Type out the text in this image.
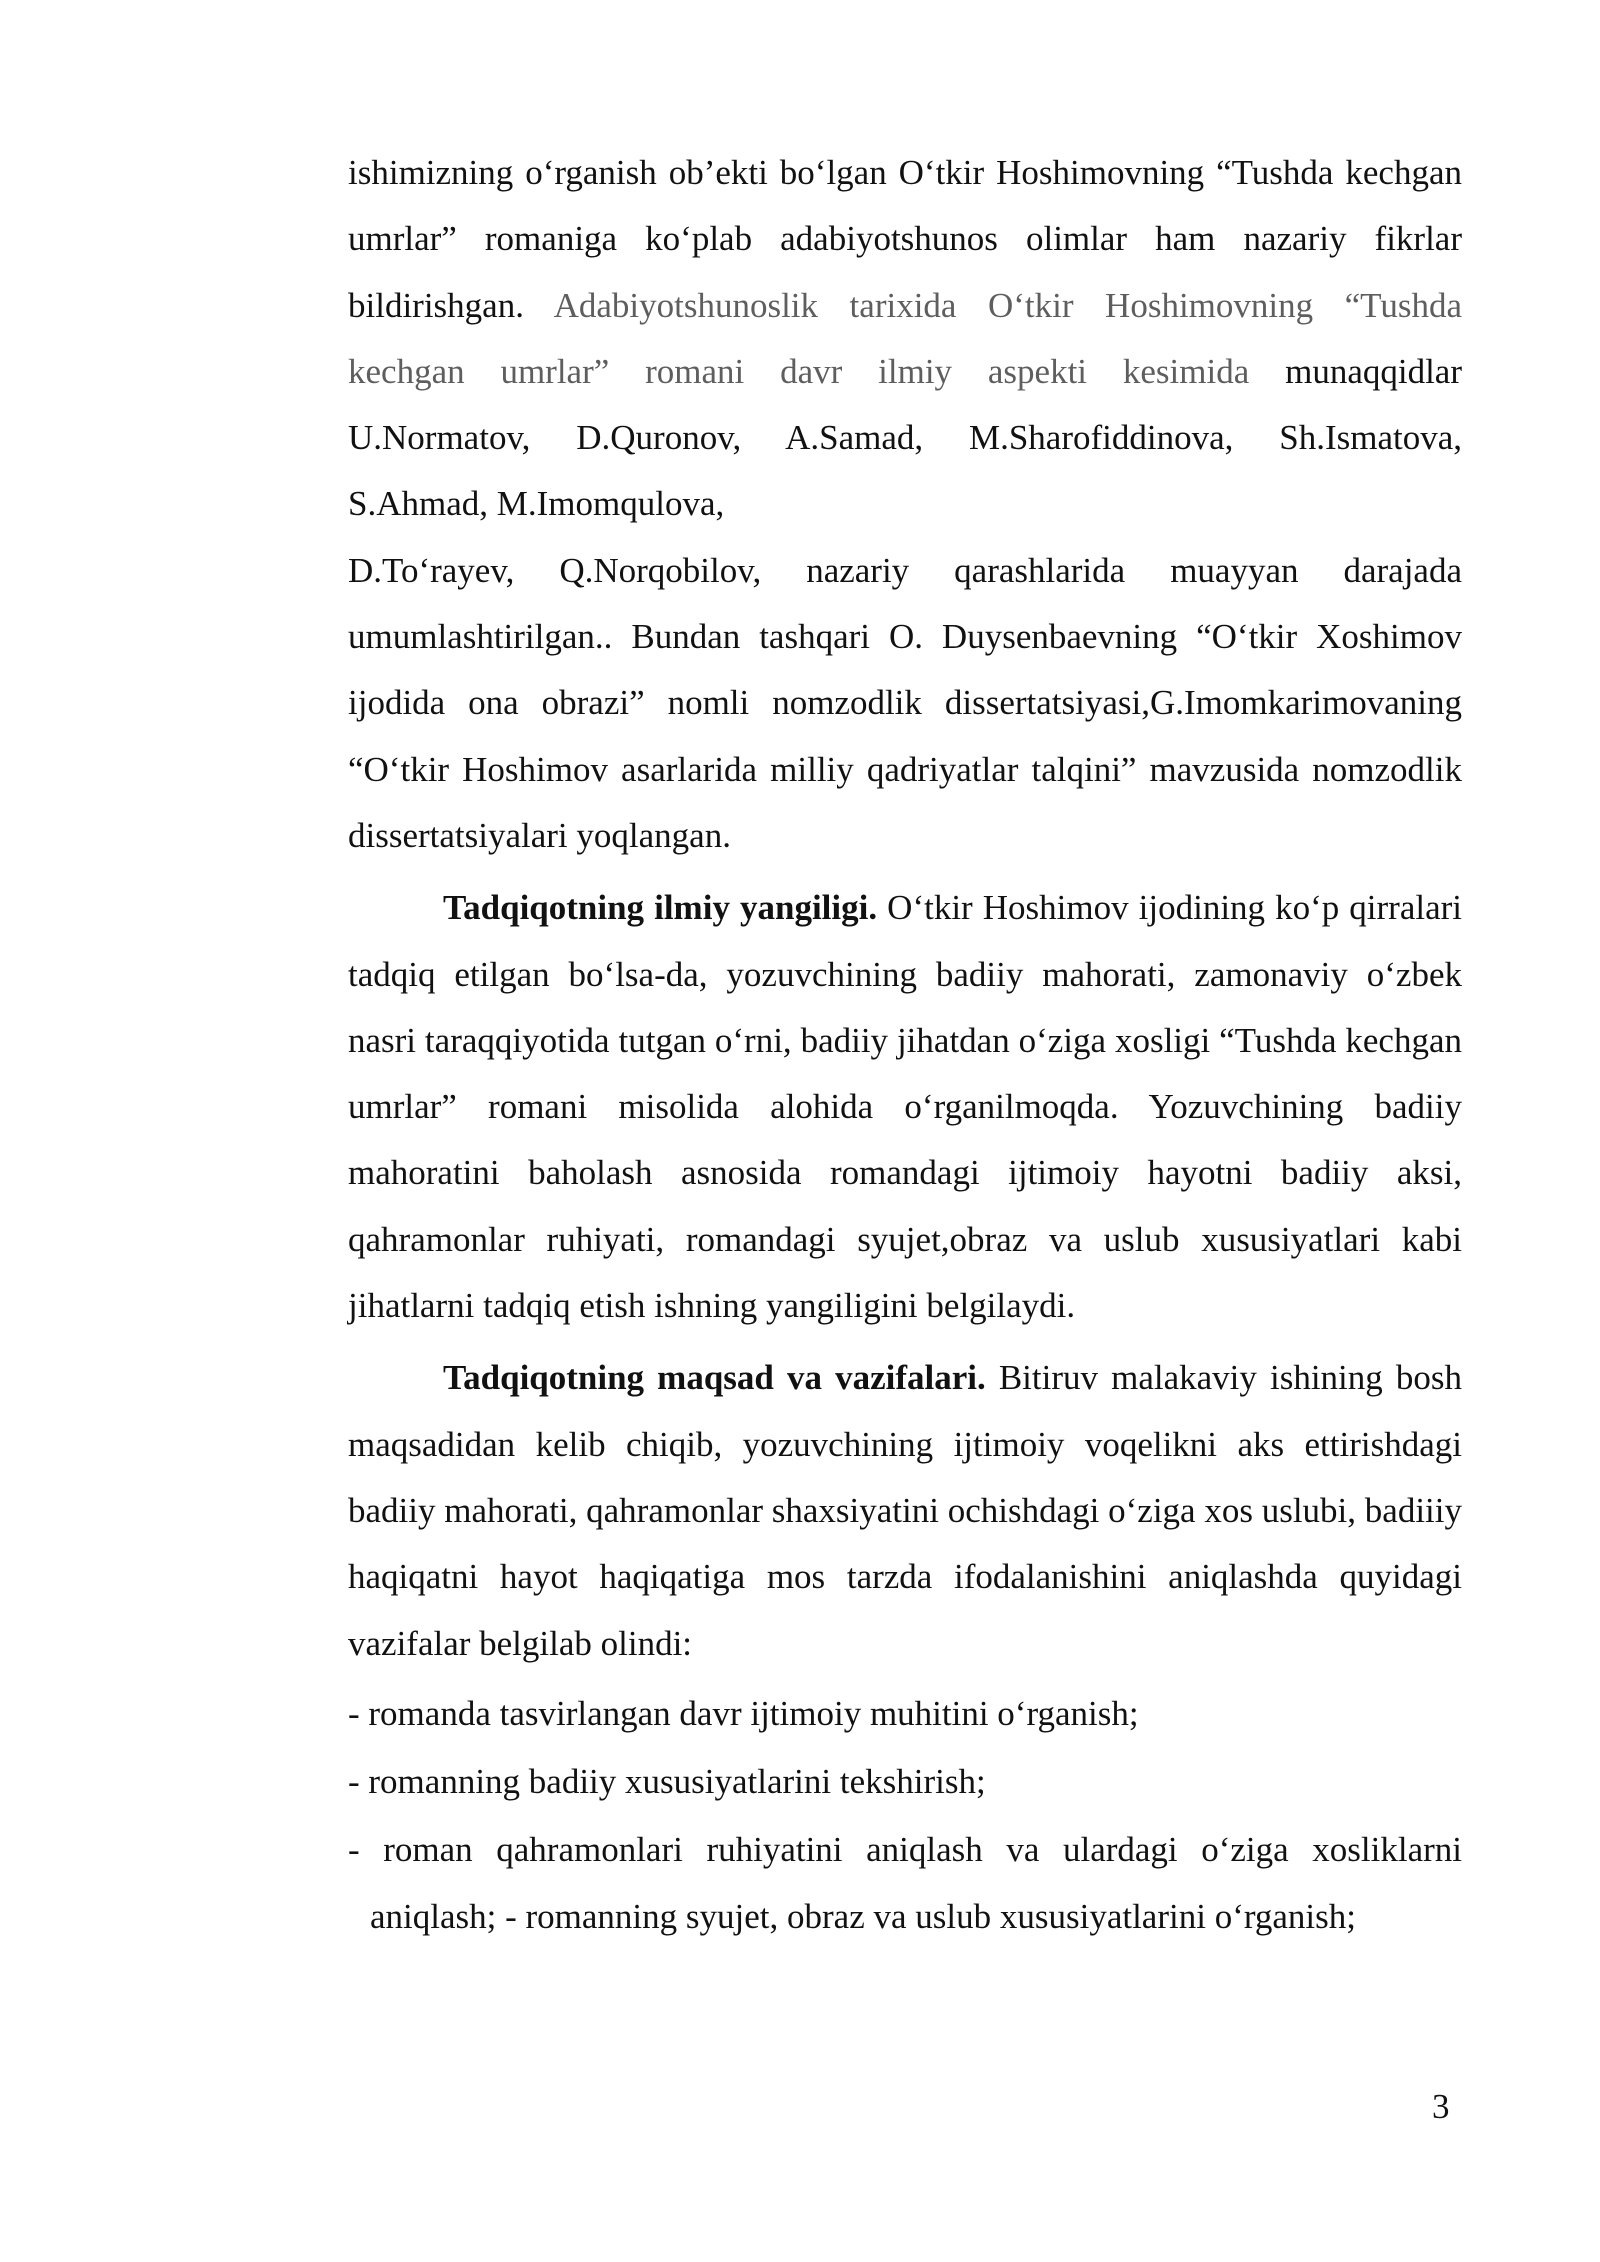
ishimizning o‘rganish ob’ekti bo‘lgan O‘tkir Hoshimovning “Tushda kechgan umrlar” romaniga ko‘plab adabiyotshunos olimlar ham nazariy fikrlar bildirishgan. Adabiyotshunoslik tarixida O‘tkir Hoshimovning “Tushda kechgan umrlar” romani davr ilmiy aspekti kesimida munaqqidlar U.Normatov, D.Quronov, A.Samad, M.Sharofiddinova, Sh.Ismatova, S.Ahmad, M.Imomqulova,
D.To‘rayev, Q.Norqobilov, nazariy qarashlarida muayyan darajada umumlashtirilgan.. Bundan tashqari O. Duysenbaevning “O‘tkir Xoshimov ijodida ona obrazi” nomli nomzodlik dissertatsiyasi,G.Imomkarimovaning “O‘tkir Hoshimov asarlarida milliy qadriyatlar talqini” mavzusida nomzodlik dissertatsiyalari yoqlangan.

Tadqiqotning ilmiy yangiligi. O‘tkir Hoshimov ijodining ko‘p qirralari tadqiq etilgan bo‘lsa-da, yozuvchining badiiy mahorati, zamonaviy o‘zbek nasri taraqqiyotida tutgan o‘rni, badiiy jihatdan o‘ziga xosligi “Tushda kechgan umrlar” romani misolida alohida o‘rganilmoqda. Yozuvchining badiiy mahoratini baholash asnosida romandagi ijtimoiy hayotni badiiy aksi, qahramonlar ruhiyati, romandagi syujet,obraz va uslub xususiyatlari kabi jihatlarni tadqiq etish ishning yangiligini belgilaydi.

Tadqiqotning maqsad va vazifalari. Bitiruv malakaviy ishining bosh maqsadidan kelib chiqib, yozuvchining ijtimoiy voqelikni aks ettirishdagi badiiy mahorati, qahramonlar shaxsiyatini ochishdagi o‘ziga xos uslubi, badiiiy haqiqatni hayot haqiqatiga mos tarzda ifodalanishini aniqlashda quyidagi vazifalar belgilab olindi:

- romanda tasvirlangan davr ijtimoiy muhitini o‘rganish;
- romanning badiiy xususiyatlarini tekshirish;
- roman qahramonlari ruhiyatini aniqlash va ulardagi o‘ziga xosliklarni aniqlash; - romanning syujet, obraz va uslub xususiyatlarini o‘rganish;
3
